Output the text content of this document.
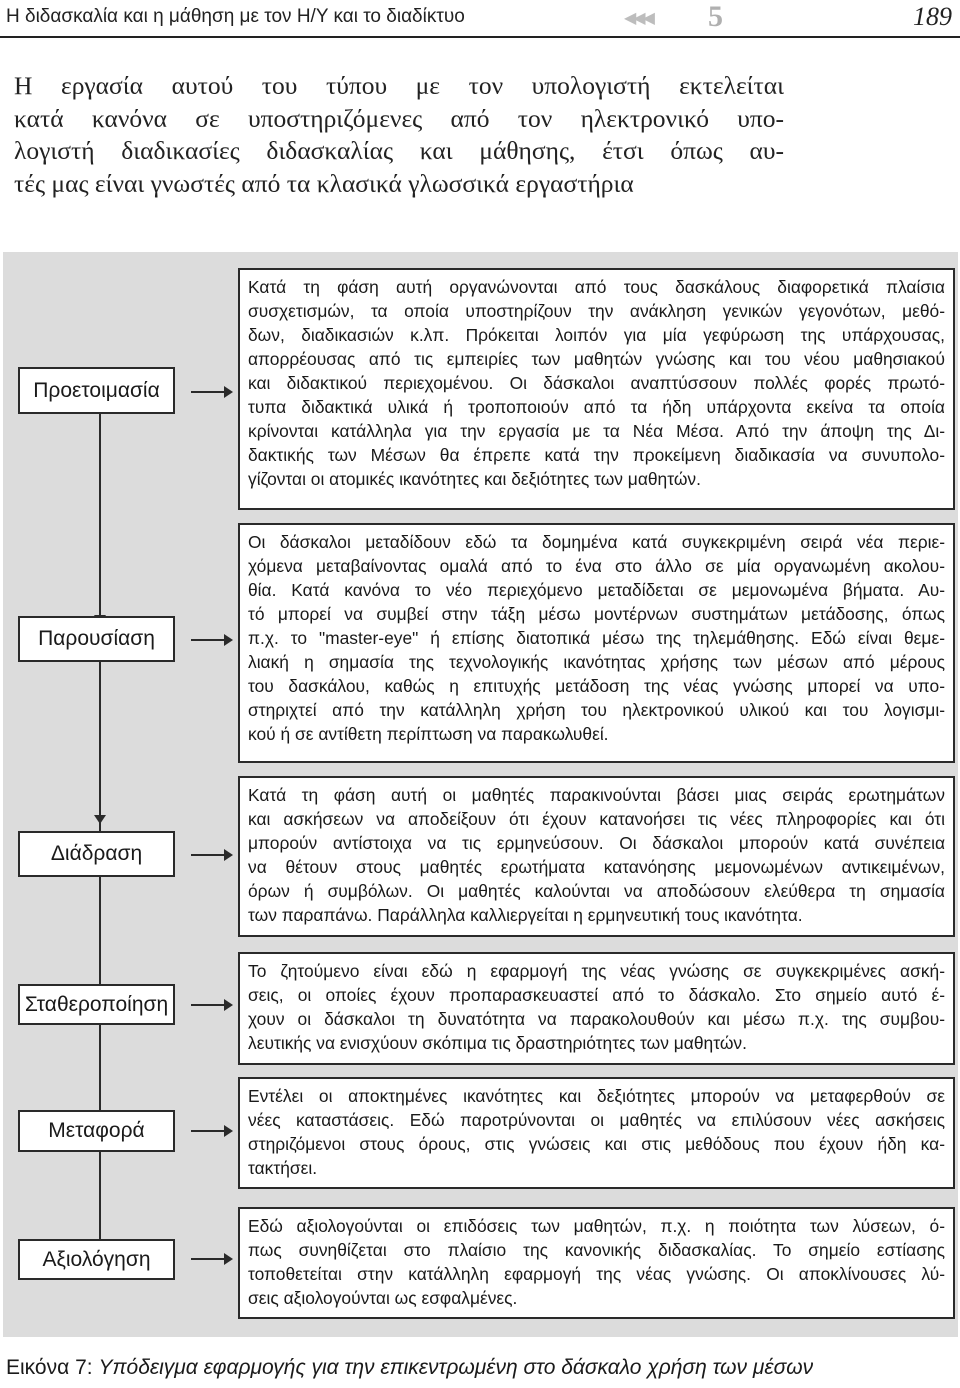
Η διδασκαλία και η μάθηση με τον Η/Υ και το διαδίκτυο	◀◀◀ 5	189

Η εργασία αυτού του τύπου με τον υπολογιστή εκτελείται
κατά κανόνα σε υποστηριζόμενες από τον ηλεκτρονικό υπο-
λογιστή διαδικασίες διδασκαλίας και μάθησης, έτσι όπως αυ-
τές μας είναι γνωστές από τα κλασικά γλωσσικά εργαστήρια

Προετοιμασία
Κατά τη φάση αυτή οργανώνονται από τους δασκάλους διαφορετικά πλαίσια
συσχετισμών, τα οποία υποστηρίζουν την ανάκληση γενικών γεγονότων, μεθό-
δων, διαδικασιών κ.λπ. Πρόκειται λοιπόν για μία γεφύρωση της υπάρχουσας,
απορρέουσας από τις εμπειρίες των μαθητών γνώσης και του νέου μαθησιακού
και διδακτικού περιεχομένου. Οι δάσκαλοι αναπτύσσουν πολλές φορές πρωτό-
τυπα διδακτικά υλικά ή τροποποιούν από τα ήδη υπάρχοντα εκείνα τα οποία
κρίνονται κατάλληλα για την εργασία με τα Νέα Μέσα. Από την άποψη της Δι-
δακτικής των Μέσων θα έπρεπε κατά την προκείμενη διαδικασία να συνυπολο-
γίζονται οι ατομικές ικανότητες και δεξιότητες των μαθητών.
Παρουσίαση
Οι δάσκαλοι μεταδίδουν εδώ τα δομημένα κατά συγκεκριμένη σειρά νέα περιε-
χόμενα μεταβαίνοντας ομαλά από το ένα στο άλλο σε μία οργανωμένη ακολου-
θία. Κατά κανόνα το νέο περιεχόμενο μεταδίδεται σε μεμονωμένα βήματα. Αυ-
τό μπορεί να συμβεί στην τάξη μέσω μοντέρνων συστημάτων μετάδοσης, όπως
π.χ. το "master-eye" ή επίσης διατοπικά μέσω της τηλεμάθησης. Εδώ είναι θεμε-
λιακή η σημασία της τεχνολογικής ικανότητας χρήσης των μέσων από μέρους
του δασκάλου, καθώς η επιτυχής μετάδοση της νέας γνώσης μπορεί να υπο-
στηριχτεί από την κατάλληλη χρήση του ηλεκτρονικού υλικού και του λογισμι-
κού ή σε αντίθετη περίπτωση να παρακωλυθεί.
Διάδραση
Κατά τη φάση αυτή οι μαθητές παρακινούνται βάσει μιας σειράς ερωτημάτων
και ασκήσεων να αποδείξουν ότι έχουν κατανοήσει τις νέες πληροφορίες και ότι
μπορούν αντίστοιχα να τις ερμηνεύσουν. Οι δάσκαλοι μπορούν κατά συνέπεια
να θέτουν στους μαθητές ερωτήματα κατανόησης μεμονωμένων αντικειμένων,
όρων ή συμβόλων. Οι μαθητές καλούνται να αποδώσουν ελεύθερα τη σημασία
των παραπάνω. Παράλληλα καλλιεργείται η ερμηνευτική τους ικανότητα.
Σταθεροποίηση
Το ζητούμενο είναι εδώ η εφαρμογή της νέας γνώσης σε συγκεκριμένες ασκή-
σεις, οι οποίες έχουν προπαρασκευαστεί από το δάσκαλο. Στο σημείο αυτό έ-
χουν οι δάσκαλοι τη δυνατότητα να παρακολουθούν και μέσω π.χ. της συμβου-
λευτικής να ενισχύουν σκόπιμα τις δραστηριότητες των μαθητών.
Μεταφορά
Εντέλει οι αποκτημένες ικανότητες και δεξιότητες μπορούν να μεταφερθούν σε
νέες καταστάσεις. Εδώ παροτρύνονται οι μαθητές να επιλύσουν νέες ασκήσεις
στηριζόμενοι στους όρους, στις γνώσεις και στις μεθόδους που έχουν ήδη κα-
τακτήσει.
Αξιολόγηση
Εδώ αξιολογούνται οι επιδόσεις των μαθητών, π.χ. η ποιότητα των λύσεων, ό-
πως συνηθίζεται στο πλαίσιο της κανονικής διδασκαλίας. Το σημείο εστίασης
τοποθετείται στην κατάλληλη εφαρμογή της νέας γνώσης. Οι αποκλίνουσες λύ-
σεις αξιολογούνται ως εσφαλμένες.
Εικόνα 7: Υπόδειγμα εφαρμογής για την επικεντρωμένη στο δάσκαλο χρήση των μέσων
